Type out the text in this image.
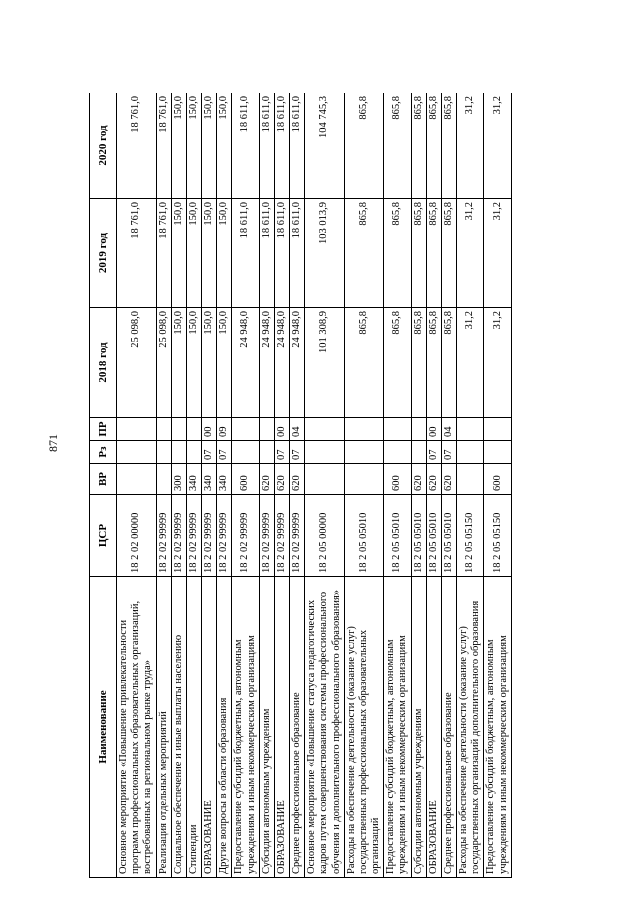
871
Наименование	ЦСР	ВР	Рз	ПР	2018 год	2019 год	2020 год
Основное мероприятие «Повышение привлекательности программ профессиональных образовательных организаций, востребованных на региональном рынке труда»	18 2 02 00000				25 098,0	18 761,0	18 761,0
Реализация отдельных мероприятий	18 2 02 99999				25 098,0	18 761,0	18 761,0
Социальное обеспечение и иные выплаты населению	18 2 02 99999	300			150,0	150,0	150,0
Стипендии	18 2 02 99999	340			150,0	150,0	150,0
ОБРАЗОВАНИЕ	18 2 02 99999	340	07	00	150,0	150,0	150,0
Другие вопросы в области образования	18 2 02 99999	340	07	09	150,0	150,0	150,0
Предоставление субсидий бюджетным, автономным учреждениям и иным некоммерческим организациям	18 2 02 99999	600			24 948,0	18 611,0	18 611,0
Субсидии автономным учреждениям	18 2 02 99999	620			24 948,0	18 611,0	18 611,0
ОБРАЗОВАНИЕ	18 2 02 99999	620	07	00	24 948,0	18 611,0	18 611,0
Среднее профессиональное образование	18 2 02 99999	620	07	04	24 948,0	18 611,0	18 611,0
Основное мероприятие «Повышение статуса педагогических кадров путем совершенствования системы профессионального обучения и дополнительного профессионального образования»	18 2 05 00000				101 308,9	103 013,9	104 745,3
Расходы на обеспечение деятельности (оказание услуг) государственных профессиональных образовательных организаций	18 2 05 05010				865,8	865,8	865,8
Предоставление субсидий бюджетным, автономным учреждениям и иным некоммерческим организациям	18 2 05 05010	600			865,8	865,8	865,8
Субсидии автономным учреждениям	18 2 05 05010	620			865,8	865,8	865,8
ОБРАЗОВАНИЕ	18 2 05 05010	620	07	00	865,8	865,8	865,8
Среднее профессиональное образование	18 2 05 05010	620	07	04	865,8	865,8	865,8
Расходы на обеспечение деятельности (оказание услуг) государственных организаций дополнительного образования	18 2 05 05150				31,2	31,2	31,2
Предоставление субсидий бюджетным, автономным учреждениям и иным некоммерческим организациям	18 2 05 05150	600			31,2	31,2	31,2
